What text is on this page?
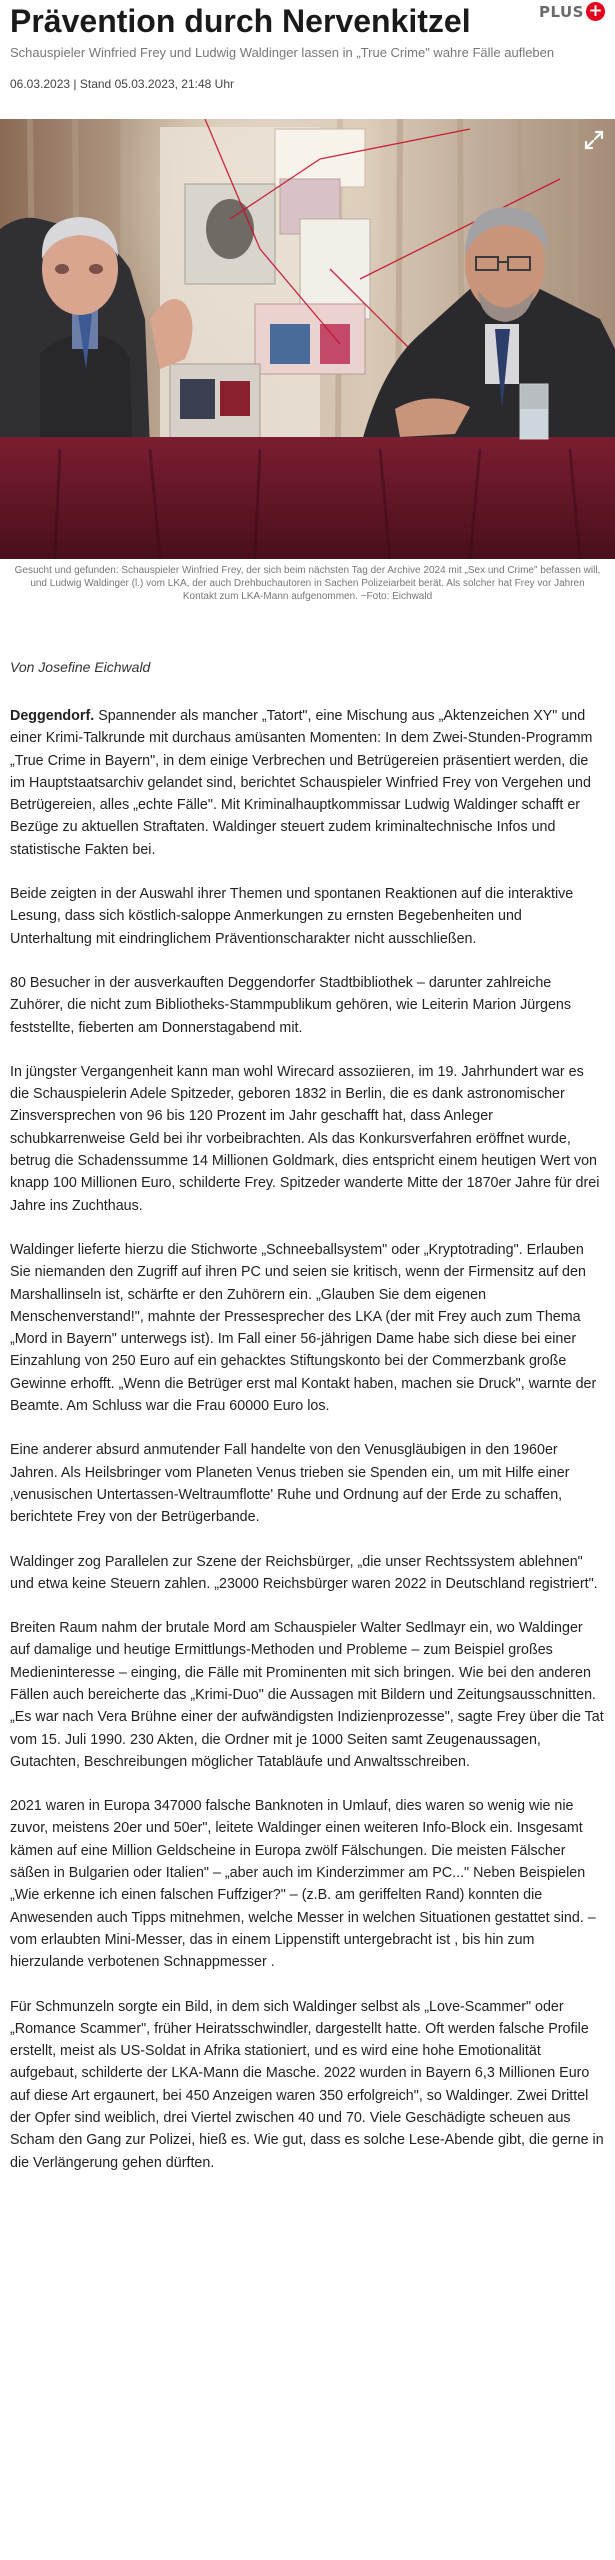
Prävention durch Nervenkitzel	PLUS +

Schauspieler Winfried Frey und Ludwig Waldinger lassen in „True Crime" wahre Fälle aufleben

06.03.2023 | Stand 05.03.2023, 21:48 Uhr

Gesucht und gefunden: Schauspieler Winfried Frey, der sich beim nächsten Tag der Archive 2024 mit „Sex und Crime" befassen will, und Ludwig Waldinger (l.) vom LKA, der auch Drehbuchautoren in Sachen Polizeiarbeit berät. Als solcher hat Frey vor Jahren Kontakt zum LKA-Mann aufgenommen. −Foto: Eichwald

Von Josefine Eichwald

Deggendorf. Spannender als mancher „Tatort", eine Mischung aus „Aktenzeichen XY" und einer Krimi-Talkrunde mit durchaus amüsanten Momenten: In dem Zwei-Stunden-Programm „True Crime in Bayern", in dem einige Verbrechen und Betrügereien präsentiert werden, die im Hauptstaatsarchiv gelandet sind, berichtet Schauspieler Winfried Frey von Vergehen und Betrügereien, alles „echte Fälle". Mit Kriminalhauptkommissar Ludwig Waldinger schafft er Bezüge zu aktuellen Straftaten. Waldinger steuert zudem kriminaltechnische Infos und statistische Fakten bei.

Beide zeigten in der Auswahl ihrer Themen und spontanen Reaktionen auf die interaktive Lesung, dass sich köstlich-saloppe Anmerkungen zu ernsten Begebenheiten und Unterhaltung mit eindringlichem Präventionscharakter nicht ausschließen.

80 Besucher in der ausverkauften Deggendorfer Stadtbibliothek – darunter zahlreiche Zuhörer, die nicht zum Bibliotheks-Stammpublikum gehören, wie Leiterin Marion Jürgens feststellte, fieberten am Donnerstagabend mit.

In jüngster Vergangenheit kann man wohl Wirecard assoziieren, im 19. Jahrhundert war es die Schauspielerin Adele Spitzeder, geboren 1832 in Berlin, die es dank astronomischer Zinsversprechen von 96 bis 120 Prozent im Jahr geschafft hat, dass Anleger schubkarrenweise Geld bei ihr vorbeibrachten. Als das Konkursverfahren eröffnet wurde, betrug die Schadenssumme 14 Millionen Goldmark, dies entspricht einem heutigen Wert von knapp 100 Millionen Euro, schilderte Frey. Spitzeder wanderte Mitte der 1870er Jahre für drei Jahre ins Zuchthaus.

Waldinger lieferte hierzu die Stichworte „Schneeballsystem" oder „Kryptotrading". Erlauben Sie niemanden den Zugriff auf ihren PC und seien sie kritisch, wenn der Firmensitz auf den Marshallinseln ist, schärfte er den Zuhörern ein. „Glauben Sie dem eigenen Menschenverstand!", mahnte der Pressesprecher des LKA (der mit Frey auch zum Thema „Mord in Bayern" unterwegs ist). Im Fall einer 56-jährigen Dame habe sich diese bei einer Einzahlung von 250 Euro auf ein gehacktes Stiftungskonto bei der Commerzbank große Gewinne erhofft. „Wenn die Betrüger erst mal Kontakt haben, machen sie Druck", warnte der Beamte. Am Schluss war die Frau 60000 Euro los.

Eine anderer absurd anmutender Fall handelte von den Venusgläubigen in den 1960er Jahren. Als Heilsbringer vom Planeten Venus trieben sie Spenden ein, um mit Hilfe einer ‚venusischen Untertassen-Weltraumflotte' Ruhe und Ordnung auf der Erde zu schaffen, berichtete Frey von der Betrügerbande.

Waldinger zog Parallelen zur Szene der Reichsbürger, „die unser Rechtssystem ablehnen" und etwa keine Steuern zahlen. „23000 Reichsbürger waren 2022 in Deutschland registriert".

Breiten Raum nahm der brutale Mord am Schauspieler Walter Sedlmayr ein, wo Waldinger auf damalige und heutige Ermittlungs-Methoden und Probleme – zum Beispiel großes Medieninteresse – einging, die Fälle mit Prominenten mit sich bringen. Wie bei den anderen Fällen auch bereicherte das „Krimi-Duo" die Aussagen mit Bildern und Zeitungsausschnitten. „Es war nach Vera Brühne einer der aufwändigsten Indizienprozesse", sagte Frey über die Tat vom 15. Juli 1990. 230 Akten, die Ordner mit je 1000 Seiten samt Zeugenaussagen, Gutachten, Beschreibungen möglicher Tatabläufe und Anwaltsschreiben.

2021 waren in Europa 347000 falsche Banknoten in Umlauf, dies waren so wenig wie nie zuvor, meistens 20er und 50er", leitete Waldinger einen weiteren Info-Block ein. Insgesamt kämen auf eine Million Geldscheine in Europa zwölf Fälschungen. Die meisten Fälscher säßen in Bulgarien oder Italien" – „aber auch im Kinderzimmer am PC..." Neben Beispielen „Wie erkenne ich einen falschen Fuffziger?" – (z.B. am geriffelten Rand) konnten die Anwesenden auch Tipps mitnehmen, welche Messer in welchen Situationen gestattet sind. – vom erlaubten Mini-Messer, das in einem Lippenstift untergebracht ist , bis hin zum hierzulande verbotenen Schnappmesser .

Für Schmunzeln sorgte ein Bild, in dem sich Waldinger selbst als „Love-Scammer" oder „Romance Scammer", früher Heiratsschwindler, dargestellt hatte. Oft werden falsche Profile erstellt, meist als US-Soldat in Afrika stationiert, und es wird eine hohe Emotionalität aufgebaut, schilderte der LKA-Mann die Masche. 2022 wurden in Bayern 6,3 Millionen Euro auf diese Art ergaunert, bei 450 Anzeigen waren 350 erfolgreich", so Waldinger. Zwei Drittel der Opfer sind weiblich, drei Viertel zwischen 40 und 70. Viele Geschädigte scheuen aus Scham den Gang zur Polizei, hieß es. Wie gut, dass es solche Lese-Abende gibt, die gerne in die Verlängerung gehen dürften.
